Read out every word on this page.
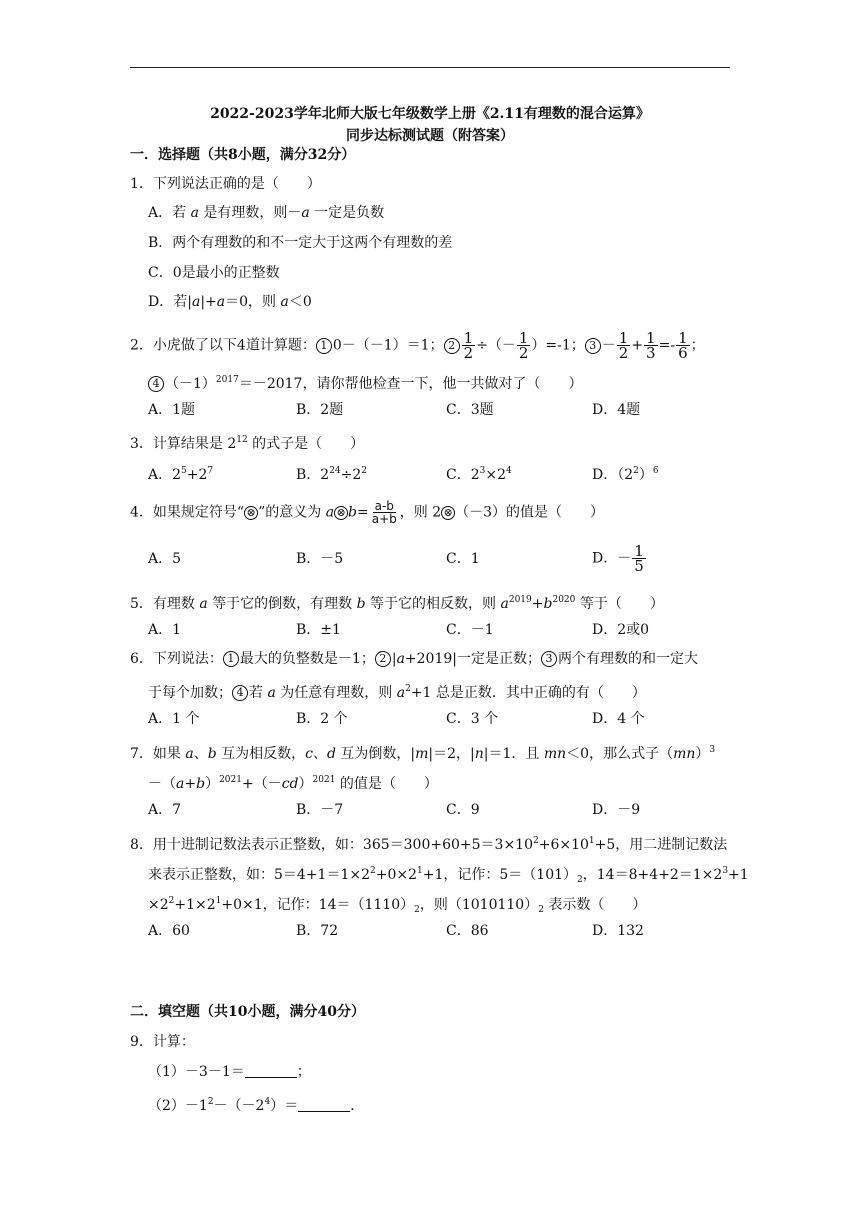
2022-2023学年北师大版七年级数学上册《2.11有理数的混合运算》
同步达标测试题（附答案）
一．选择题（共8小题，满分32分）
1．下列说法正确的是（　　）
A．若 a 是有理数，则－a 一定是负数
B．两个有理数的和不一定大于这两个有理数的差
C．0是最小的正整数
D．若|a|+a＝0，则 a＜0
2．小虎做了以下4道计算题： 1 0－（－1）＝1； $2 \frac{1}{2}$ ÷（－ $\frac{1}{2} )=-1$； $3 - \frac{1}{2} + \frac{1}{3} =- \frac{1}{6}$ ；
4 $(-1)^{2017}=-2017$，请你帮他检查一下，他一共做对了（　　）
A．1题	B．2题	C．3题	D．4题
3．计算结果是 $2^{12}$ 的式子是（　　）
A．$2^5+2^7$	B．$2^{24}\div 2^2$	C．$2^3\times 2^4$	D．$(2^2)^6$
4．如果规定符号“ ⊗ ”的意义为 a ⊗ $b= \frac{a-b}{a+b}$ ，则 2 ⊗ （－3）的值是（　　）
A．5	B．－5	C．1	D．－ $\frac{1}{5}$
5．有理数 a 等于它的倒数，有理数 b 等于它的相反数，则 $a^{2019}+b^{2020}$ 等于（　　）
A．1	B．±1	C．－1	D．2或0
6．下列说法： 1 最大的负整数是－1； 2 |a+2019|一定是正数； 3 两个有理数的和一定大
于每个加数； 4 若 a 为任意有理数，则 $a^2+1$ 总是正数．其中正确的有（　　）
A．1 个	B．2 个	C．3 个	D．4 个
7．如果 a、b 互为相反数，c、d 互为倒数，|m|＝2，|n|＝1．且 mn＜0，那么式子（mn）$^3$
$-(a+b)^{2021}+(-cd)^{2021}$ 的值是（　　）
A．7	B．－7	C．9	D．－9
8．用十进制记数法表示正整数，如：$365=300+60+5=3\times 10^2+6\times 10^1+5$，用二进制记数法
来表示正整数，如：$5=4+1=1\times 2^2+0\times 2^1+1$，记作：$5=(101)_2$，$14=8+4+2=1\times 2^3+1$
$\times 2^2+1\times 2^1+0\times 1$，记作：$14=(1110)_2$，则$(1010110)_2$ 表示数（　　）
A．60	B．72	C．86	D．132
二．填空题（共10小题，满分40分）
9．计算：
（1）－3－1＝	；
$(2)-1^2-(-2^4)=$	．
